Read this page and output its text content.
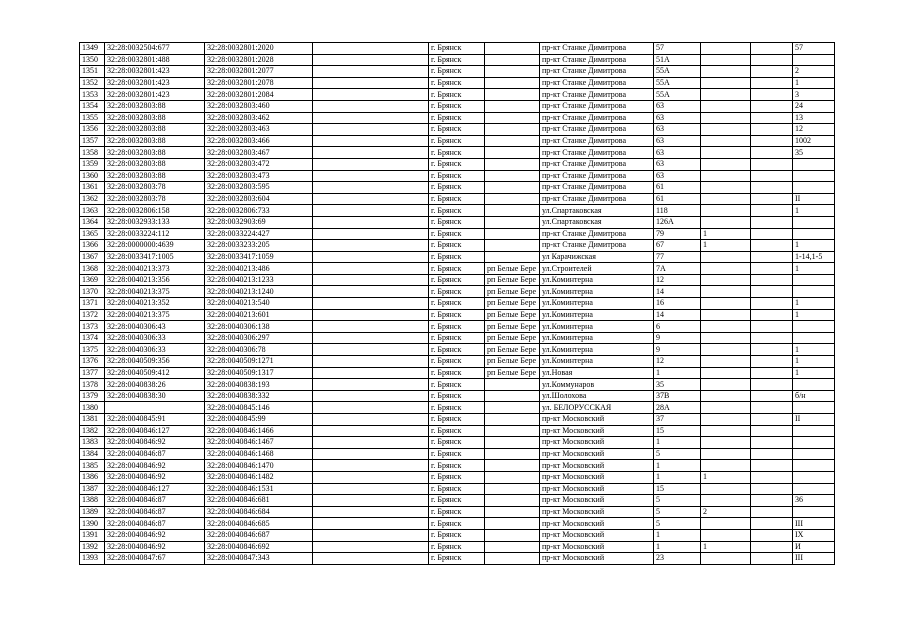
1349	32:28:0032504:677	32:28:0032801:2020		г. Брянск		пр-кт Станке Димитрова	57			57
1350	32:28:0032801:488	32:28:0032801:2028		г. Брянск		пр-кт Станке Димитрова	51А			
1351	32:28:0032801:423	32:28:0032801:2077		г. Брянск		пр-кт Станке Димитрова	55А			2
1352	32:28:0032801:423	32:28:0032801:2078		г. Брянск		пр-кт Станке Димитрова	55А			1
1353	32:28:0032801:423	32:28:0032801:2084		г. Брянск		пр-кт Станке Димитрова	55А			3
1354	32:28:0032803:88	32:28:0032803:460		г. Брянск		пр-кт Станке Димитрова	63			24
1355	32:28:0032803:88	32:28:0032803:462		г. Брянск		пр-кт Станке Димитрова	63			13
1356	32:28:0032803:88	32:28:0032803:463		г. Брянск		пр-кт Станке Димитрова	63			12
1357	32:28:0032803:88	32:28:0032803:466		г. Брянск		пр-кт Станке Димитрова	63			1002
1358	32:28:0032803:88	32:28:0032803:467		г. Брянск		пр-кт Станке Димитрова	63			35
1359	32:28:0032803:88	32:28:0032803:472		г. Брянск		пр-кт Станке Димитрова	63			
1360	32:28:0032803:88	32:28:0032803:473		г. Брянск		пр-кт Станке Димитрова	63			
1361	32:28:0032803:78	32:28:0032803:595		г. Брянск		пр-кт Станке Димитрова	61			
1362	32:28:0032803:78	32:28:0032803:604		г. Брянск		пр-кт Станке Димитрова	61			II
1363	32:28:0032806:158	32:28:0032806:733		г. Брянск		ул.Спартаковская	118			1
1364	32:28:0032933:133	32:28:0032903:69		г. Брянск		ул.Спартаковская	126А			
1365	32:28:0033224:112	32:28:0033224:427		г. Брянск		пр-кт Станке Димитрова	79	1		
1366	32:28:0000000:4639	32:28:0033233:205		г. Брянск		пр-кт Станке Димитрова	67	1		1
1367	32:28:0033417:1005	32:28:0033417:1059		г. Брянск		ул Карачижская	77			1-14,1-5
1368	32:28:0040213:373	32:28:0040213:486		г. Брянск	рп Белые Бере	ул.Строителей	7А			1
1369	32:28:0040213:356	32:28:0040213:1233		г. Брянск	рп Белые Бере	ул.Коминтерна	12			
1370	32:28:0040213:375	32:28:0040213:1240		г. Брянск	рп Белые Бере	ул.Коминтерна	14			
1371	32:28:0040213:352	32:28:0040213:540		г. Брянск	рп Белые Бере	ул.Коминтерна	16			1
1372	32:28:0040213:375	32:28:0040213:601		г. Брянск	рп Белые Бере	ул.Коминтерна	14			1
1373	32:28:0040306:43	32:28:0040306:138		г. Брянск	рп Белые Бере	ул.Коминтерна	6			
1374	32:28:0040306:33	32:28:0040306:297		г. Брянск	рп Белые Бере	ул.Коминтерна	9			
1375	32:28:0040306:33	32:28:0040306:78		г. Брянск	рп Белые Бере	ул.Коминтерна	9			1
1376	32:28:0040509:356	32:28:0040509:1271		г. Брянск	рп Белые Бере	ул.Коминтерна	12			1
1377	32:28:0040509:412	32:28:0040509:1317		г. Брянск	рп Белые Бере	ул.Новая	1			1
1378	32:28:0040838:26	32:28:0040838:193		г. Брянск		ул.Коммунаров	35			
1379	32:28:0040838:30	32:28:0040838:332		г. Брянск		ул.Шолохова	37В			б/н
1380		32:28:0040845:146		г. Брянск		ул. БЕЛОРУССКАЯ	28А			
1381	32:28:0040845:91	32:28:0040845:99		г. Брянск		пр-кт Московский	37			II
1382	32:28:0040846:127	32:28:0040846:1466		г. Брянск		пр-кт Московский	15			
1383	32:28:0040846:92	32:28:0040846:1467		г. Брянск		пр-кт Московский	1			
1384	32:28:0040846:87	32:28:0040846:1468		г. Брянск		пр-кт Московский	5			
1385	32:28:0040846:92	32:28:0040846:1470		г. Брянск		пр-кт Московский	1			
1386	32:28:0040846:92	32:28:0040846:1482		г. Брянск		пр-кт Московский	1	1		
1387	32:28:0040846:127	32:28:0040846:1531		г. Брянск		пр-кт Московский	15			
1388	32:28:0040846:87	32:28:0040846:681		г. Брянск		пр-кт Московский	5			36
1389	32:28:0040846:87	32:28:0040846:684		г. Брянск		пр-кт Московский	5	2		
1390	32:28:0040846:87	32:28:0040846:685		г. Брянск		пр-кт Московский	5			III
1391	32:28:0040846:92	32:28:0040846:687		г. Брянск		пр-кт Московский	1			IX
1392	32:28:0040846:92	32:28:0040846:692		г. Брянск		пр-кт Московский	1	1		И
1393	32:28:0040847:67	32:28:0040847:343		г. Брянск		пр-кт Московский	23			III
